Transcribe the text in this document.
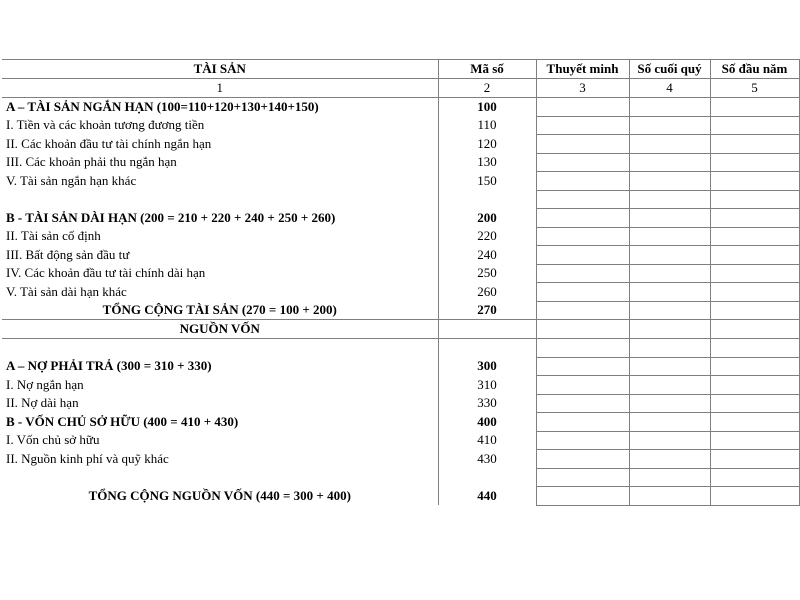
TÀI SẢN	Mã số	Thuyết minh	Số cuối quý	Số đầu năm
1	2	3	4	5
A – TÀI SẢN NGẮN HẠN (100=110+120+130+140+150)	100			
I. Tiền và các khoản tương đương tiền	110			
II. Các khoản đầu tư tài chính ngắn hạn	120			
III. Các khoản phải thu ngắn hạn	130			
V. Tài sản ngắn hạn khác	150			

B - TÀI SẢN DÀI HẠN (200 = 210 + 220 + 240 + 250 + 260)	200			
II. Tài sản cố định	220			
III. Bất động sản đầu tư	240			
IV. Các khoản đầu tư tài chính dài hạn	250			
V. Tài sản dài hạn khác	260			
TỔNG CỘNG TÀI SẢN (270 = 100 + 200)	270			
NGUỒN VỐN				

A – NỢ PHẢI TRẢ (300 = 310 + 330)	300			
I. Nợ ngắn hạn	310			
II. Nợ dài hạn	330			
B - VỐN CHỦ SỞ HỮU (400 = 410 + 430)	400			
I. Vốn chủ sở hữu	410			
II. Nguồn kinh phí và quỹ khác	430			

TỔNG CỘNG NGUỒN VỐN (440 = 300 + 400)	440			
